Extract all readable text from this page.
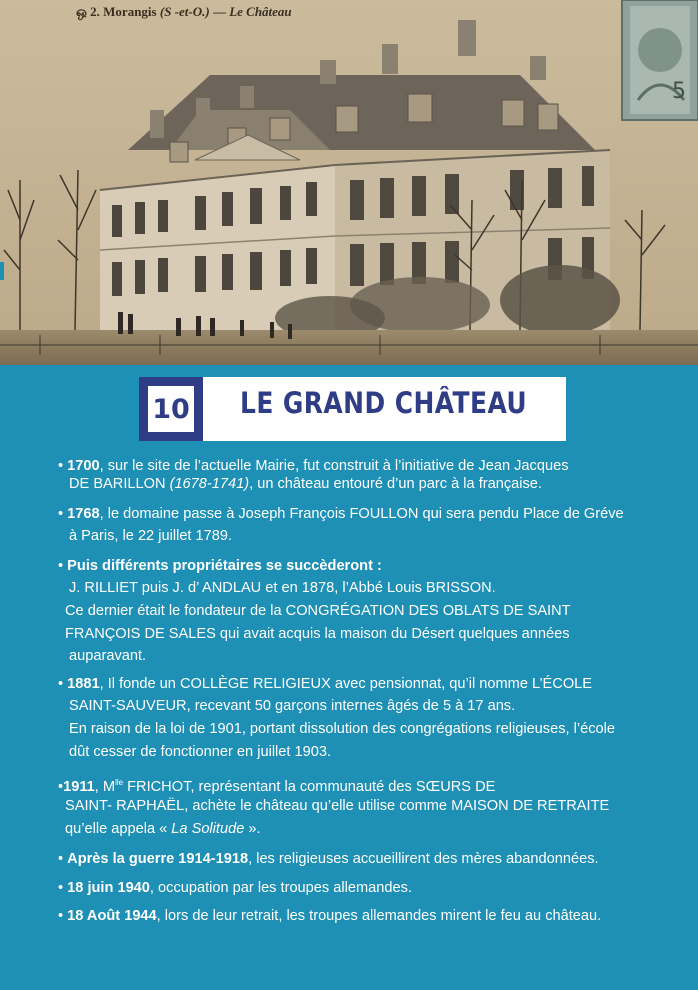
ஒ 2. Morangis (S -et-O.) — Le Château
5
10 LE GRAND CHÂTEAU
• 1700, sur le site de l’actuelle Mairie, fut construit à l’initiative de Jean Jacques
DE BARILLON (1678-1741), un château entouré d’un parc à la française.
• 1768, le domaine passe à Joseph François FOULLON qui sera pendu Place de Gréve
à Paris, le 22 juillet 1789.
• Puis différents propriétaires se succèderont :
J. RILLIET puis J. d’ ANDLAU et en 1878, l’Abbé Louis BRISSON.
Ce dernier était le fondateur de la CONGRÉGATION DES OBLATS DE SAINT
FRANÇOIS DE SALES qui avait acquis la maison du Désert quelques années
auparavant.
• 1881, Il fonde un COLLÈGE RELIGIEUX avec pensionnat, qu’il nomme L’ÉCOLE
SAINT-SAUVEUR, recevant 50 garçons internes âgés de 5 à 17 ans.
En raison de la loi de 1901, portant dissolution des congrégations religieuses, l’école
dût cesser de fonctionner en juillet 1903.
•1911, $M^{lle}$ FRICHOT, représentant la communauté des SŒURS DE
SAINT- RAPHAËL, achète le château qu’elle utilise comme MAISON DE RETRAITE
qu’elle appela « La Solitude ».
• Après la guerre 1914-1918, les religieuses accueillirent des mères abandonnées.
• 18 juin 1940, occupation par les troupes allemandes.
• 18 Août 1944, lors de leur retrait, les troupes allemandes mirent le feu au château.
